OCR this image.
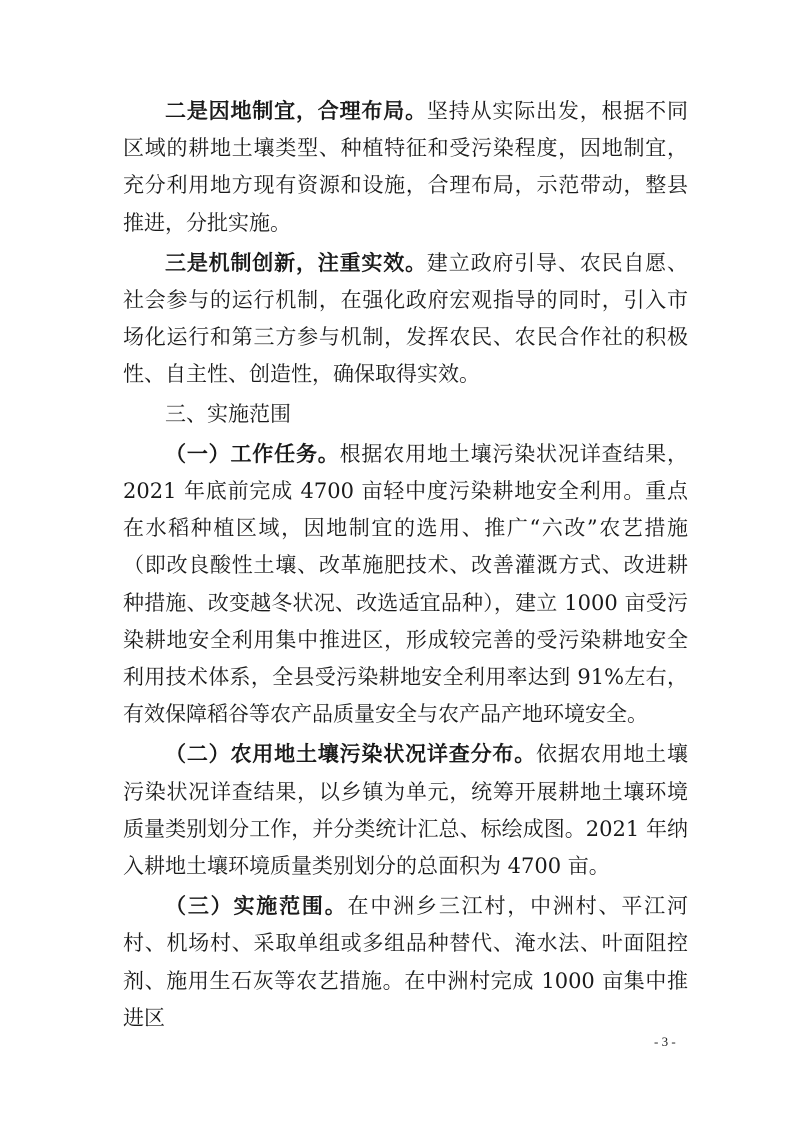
二是因地制宜，合理布局。坚持从实际出发，根据不同区域的耕地土壤类型、种植特征和受污染程度，因地制宜，充分利用地方现有资源和设施，合理布局，示范带动，整县推进，分批实施。

三是机制创新，注重实效。建立政府引导、农民自愿、社会参与的运行机制，在强化政府宏观指导的同时，引入市场化运行和第三方参与机制，发挥农民、农民合作社的积极性、自主性、创造性，确保取得实效。

三、实施范围

（一）工作任务。根据农用地土壤污染状况详查结果，2021 年底前完成 4700 亩轻中度污染耕地安全利用。重点在水稻种植区域，因地制宜的选用、推广“六改”农艺措施（即改良酸性土壤、改革施肥技术、改善灌溉方式、改进耕种措施、改变越冬状况、改选适宜品种），建立 1000 亩受污染耕地安全利用集中推进区，形成较完善的受污染耕地安全利用技术体系，全县受污染耕地安全利用率达到 91%左右，有效保障稻谷等农产品质量安全与农产品产地环境安全。

（二）农用地土壤污染状况详查分布。依据农用地土壤污染状况详查结果，以乡镇为单元，统筹开展耕地土壤环境质量类别划分工作，并分类统计汇总、标绘成图。2021 年纳入耕地土壤环境质量类别划分的总面积为 4700 亩。

（三）实施范围。在中洲乡三江村，中洲村、平江河村、机场村、采取单组或多组品种替代、淹水法、叶面阻控剂、施用生石灰等农艺措施。在中洲村完成 1000 亩集中推进区

- 3 -
